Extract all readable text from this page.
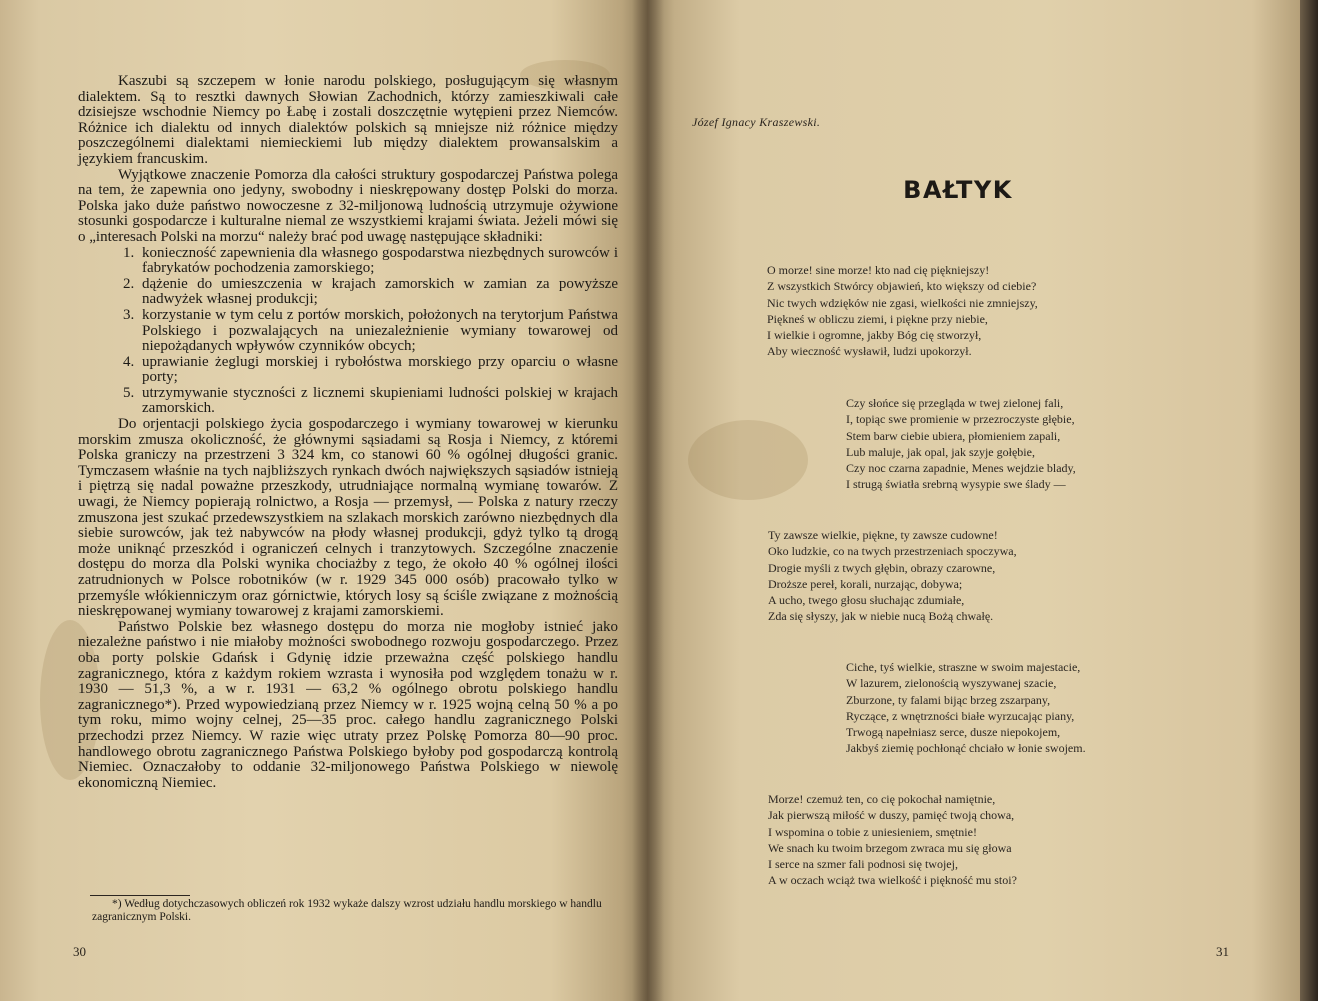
Kaszubi są szczepem w łonie narodu polskiego, posługującym się własnym dialektem. Są to resztki dawnych Słowian Zachodnich, którzy zamieszkiwali całe dzisiejsze wschodnie Niemcy po Łabę i zostali doszczętnie wytępieni przez Niemców. Różnice ich dialektu od innych dialektów polskich są mniejsze niż różnice między poszczególnemi dialektami niemieckiemi lub między dialektem prowansalskim a językiem francuskim.

Wyjątkowe znaczenie Pomorza dla całości struktury gospodarczej Państwa polega na tem, że zapewnia ono jedyny, swobodny i nieskrępowany dostęp Polski do morza. Polska jako duże państwo nowoczesne z 32-miljonową ludnością utrzymuje ożywione stosunki gospodarcze i kulturalne niemal ze wszystkiemi krajami świata. Jeżeli mówi się o „interesach Polski na morzu“ należy brać pod uwagę następujące składniki:

1. konieczność zapewnienia dla własnego gospodarstwa niezbędnych surowców i fabrykatów pochodzenia zamorskiego;
2. dążenie do umieszczenia w krajach zamorskich w zamian za powyższe nadwyżek własnej produkcji;
3. korzystanie w tym celu z portów morskich, położonych na terytorjum Państwa Polskiego i pozwalających na uniezależnienie wymiany towarowej od niepożądanych wpływów czynników obcych;
4. uprawianie żeglugi morskiej i rybołóstwa morskiego przy oparciu o własne porty;
5. utrzymywanie styczności z licznemi skupieniami ludności polskiej w krajach zamorskich.

Do orjentacji polskiego życia gospodarczego i wymiany towarowej w kierunku morskim zmusza okoliczność, że głównymi sąsiadami są Rosja i Niemcy, z któremi Polska graniczy na przestrzeni 3 324 km, co stanowi 60 % ogólnej długości granic. Tymczasem właśnie na tych najbliższych rynkach dwóch największych sąsiadów istnieją i piętrzą się nadal poważne przeszkody, utrudniające normalną wymianę towarów. Z uwagi, że Niemcy popierają rolnictwo, a Rosja — przemysł, — Polska z natury rzeczy zmuszona jest szukać przedewszystkiem na szlakach morskich zarówno niezbędnych dla siebie surowców, jak też nabywców na płody własnej produkcji, gdyż tylko tą drogą może uniknąć przeszkód i ograniczeń celnych i tranzytowych. Szczególne znaczenie dostępu do morza dla Polski wynika chociażby z tego, że około 40 % ogólnej ilości zatrudnionych w Polsce robotników (w r. 1929 345 000 osób) pracowało tylko w przemyśle włókienniczym oraz górnictwie, których losy są ściśle związane z możnością nieskrępowanej wymiany towarowej z krajami zamorskiemi.

Państwo Polskie bez własnego dostępu do morza nie mogłoby istnieć jako niezależne państwo i nie miałoby możności swobodnego rozwoju gospodarczego. Przez oba porty polskie Gdańsk i Gdynię idzie przeważna część polskiego handlu zagranicznego, która z każdym rokiem wzrasta i wynosiła pod względem tonażu w r. 1930 — 51,3 %, a w r. 1931 — 63,2 % ogólnego obrotu polskiego handlu zagranicznego*). Przed wypowiedzianą przez Niemcy w r. 1925 wojną celną 50 % a po tym roku, mimo wojny celnej, 25—35 proc. całego handlu zagranicznego Polski przechodzi przez Niemcy. W razie więc utraty przez Polskę Pomorza 80—90 proc. handlowego obrotu zagranicznego Państwa Polskiego byłoby pod gospodarczą kontrolą Niemiec. Oznaczałoby to oddanie 32-miljonowego Państwa Polskiego w niewolę ekonomiczną Niemiec.

*) Według dotychczasowych obliczeń rok 1932 wykaże dalszy wzrost udziału handlu morskiego w handlu zagranicznym Polski.
30
Józef Ignacy Kraszewski.
BAŁTYK
O morze! sine morze! kto nad cię piękniejszy!
Z wszystkich Stwórcy objawień, kto większy od ciebie?
Nic twych wdzięków nie zgasi, wielkości nie zmniejszy,
Piękneś w obliczu ziemi, i piękne przy niebie,
I wielkie i ogromne, jakby Bóg cię stworzył,
Aby wieczność wysławił, ludzi upokorzył.
Czy słońce się przegląda w twej zielonej fali,
I, topiąc swe promienie w przezroczyste głębie,
Stem barw ciebie ubiera, płomieniem zapali,
Lub maluje, jak opal, jak szyje gołębie,
Czy noc czarna zapadnie, Menes wejdzie blady,
I strugą światła srebrną wysypie swe ślady —
Ty zawsze wielkie, piękne, ty zawsze cudowne!
Oko ludzkie, co na twych przestrzeniach spoczywa,
Drogie myśli z twych głębin, obrazy czarowne,
Droższe pereł, korali, nurzając, dobywa;
A ucho, twego głosu słuchając zdumiałe,
Zda się słyszy, jak w niebie nucą Bożą chwałę.
Ciche, tyś wielkie, straszne w swoim majestacie,
W lazurem, zielonością wyszywanej szacie,
Zburzone, ty falami bijąc brzeg zszarpany,
Ryczące, z wnętrzności białe wyrzucając piany,
Trwogą napełniasz serce, dusze niepokojem,
Jakbyś ziemię pochłonąć chciało w łonie swojem.
Morze! czemuż ten, co cię pokochał namiętnie,
Jak pierwszą miłość w duszy, pamięć twoją chowa,
I wspomina o tobie z uniesieniem, smętnie!
We snach ku twoim brzegom zwraca mu się głowa
I serce na szmer fali podnosi się twojej,
A w oczach wciąż twa wielkość i piękność mu stoi?
31
